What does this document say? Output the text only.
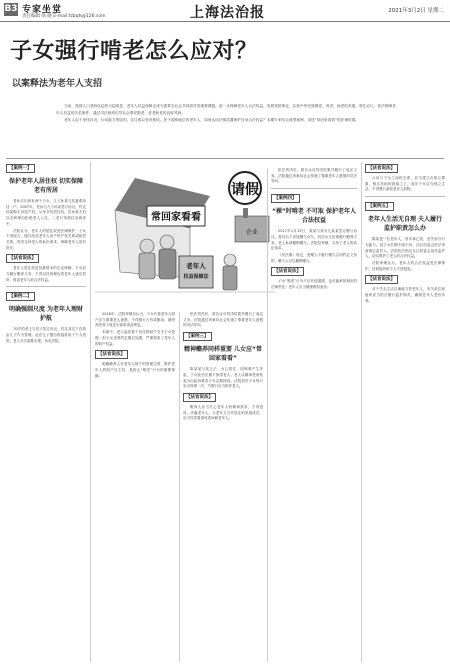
B3 专家坐堂
责任编辑 翁 晓 E-mail:fzbqh@126.com	上海法治报	2021年3月2日 星期二
子女强行啃老怎么应对？
以案释法为老年人支招

当前，我国人口老龄化趋势日趋明显，老年人权益保障正成为需要全社会共同面对的重要课题。进一步保障老年人合法权益，发展老龄事业，弘扬中华民族敬老、养老、助老的美德，势在必行。依法保障老年人权益的各类案件，通过司法裁判引导社会尊老敬老、爱老助老的良好风尚。

老年人由于身体状况、行动能力等原因，往往难以有效维权。处于弱势地位的老年人，如何运用法律武器保护自身合法权益？本期专家结合典型案例，讲述“常回家看看”的法律依据。

【案例一】
保护老年人居住权 切实保障老有所居

老孙夫妇育有两个子女，儿子孙某与其妻系同住一户。2007年，老孙与儿子孙某签订协议，约定孙某购买房屋产权，父母享有居住权。后孙某夫妇以各种理由拒绝老人入住，二老只得借住亲戚家中。

法院认为，老年人的居住权受法律保护，子女不得侵占、擅自改变老年人房产的产权关系或租赁关系。判决支持老人的诉讼请求，保障老年人居有所安。

【法官说法】

老年人居住权是其最基本的生活保障。子女应当履行赡养义务，不得以任何理由将老年人逐出居所，侵害老年人的合法权益。

【案例二】
明确强制尺度 为老年人理财护航

70岁的老王与其子签订协议，约定其名下存款由儿子代为管理。此后儿子擅自将钱款用于个人投资，老人多次索要未果，诉至法院。

常回家看看
老年人
权益保障法
请假
企业

2016年，法院审理后认为，子女代管老年人财产应当尊重老人意愿，不得强行占有或挪用。最终判决其子返还全部款项及利息。

本案中，老人起初基于信任将财产交予子女管理，但子女违背约定擅自处置，严重损害了老年人的财产权益。

【法官说法】

明确赡养人对老年人财产的管理边界，维护老年人的财产自主权，是防止“啃老”行为的重要保障。

依法判决后，被告认可判决结果并履行了返还义务。法院通过该案向社会传递了尊重老年人意愿的司法导向。

【案例三】
精神赡养同样重要 儿女应“常回家看看”

陈某某与其儿子、女儿同住，因琐事产生矛盾，子女此后长期不探望老人。老人以精神受到伤害为由起诉要求子女定期探视。法院判决子女每月至少探望一次，节假日应当陪伴老人。

【法官说法】

赡养人应当关心老年人的精神需求，不得忽视、冷落老年人。与老年人分开居住的家庭成员，应当经常看望或者问候老年人。

依法判决后，被告认可判决结果并履行了返还义务。法院通过该案向社会传递了尊重老年人意愿的司法导向。

【案例四】
“裸”时啃老 不可取 保护老年人合法权益

2017年1月13日，某某与其女儿某某签订赠与协议，将其名下房屋赠与女儿。其后女儿拒绝履行赡养义务，老人诉请撤销赠与。法院经审理，支持了老人的诉讼请求。

《民法典》规定，受赠人不履行赠与合同约定义务的，赠与人可以撤销赠与。

【法官说法】

子女“啃老”行为不仅有违道德，也可能承担相应的法律责任。老年人应当增强维权意识。

【法官说法】

父母与子女之间的关系，应当建立在相互尊重、相互扶助的基础之上。成年子女应当独立生活，不得强行索取老年人财物。

【案例五】
老年人生活无自理 夫人履行监护职责怎么办

陈某是一位老年人，因年事已高，丧失部分行为能力。其子女长期不闻不问，社区居委会依法申请指定监护人。法院依法指定社区居委会担任监护人，切实维护了老人的合法权益。

法院审理认为，老年人的合法权益受法律保护，任何组织和个人不得侵犯。

【法官说法】

对于失去生活自理能力的老年人，有关单位和组织应当依法履行监护职责，确保老年人老有所养。
